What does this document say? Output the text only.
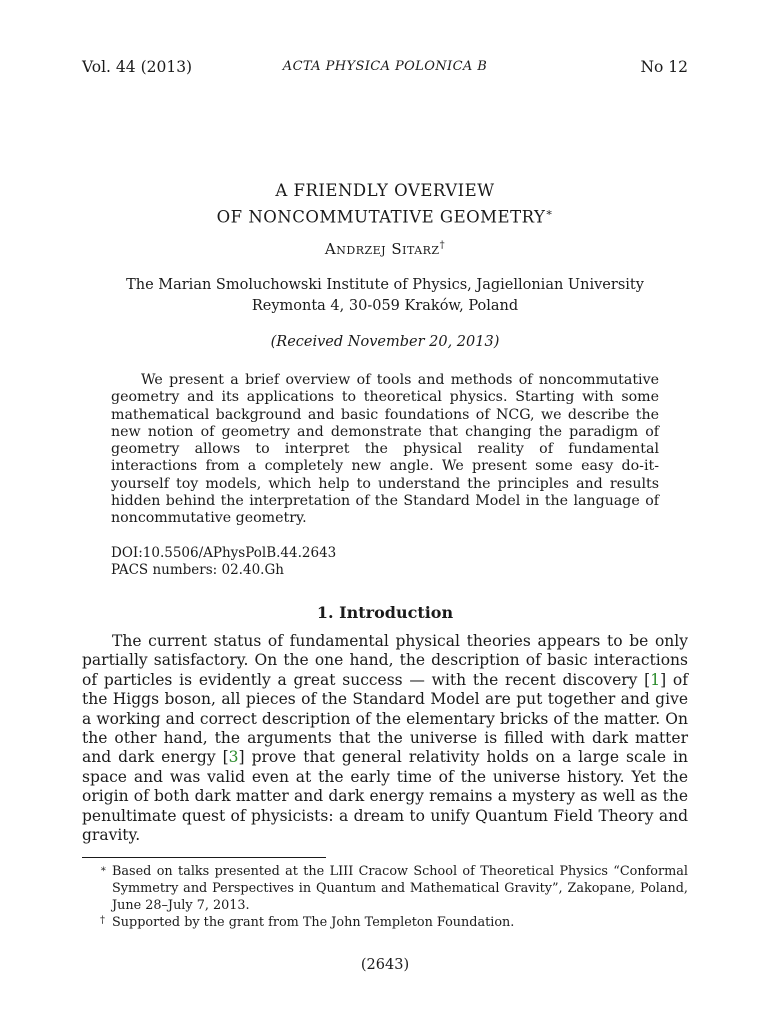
Vol. 44 (2013)	ACTA PHYSICA POLONICA B	No 12
A FRIENDLY OVERVIEW
OF NONCOMMUTATIVE GEOMETRY∗
Andrzej Sitarz†
The Marian Smoluchowski Institute of Physics, Jagiellonian University
Reymonta 4, 30-059 Kraków, Poland
(Received November 20, 2013)
We present a brief overview of tools and methods of noncommutative geometry and its applications to theoretical physics. Starting with some mathematical background and basic foundations of NCG, we describe the new notion of geometry and demonstrate that changing the paradigm of geometry allows to interpret the physical reality of fundamental interactions from a completely new angle. We present some easy do-it-yourself toy models, which help to understand the principles and results hidden behind the interpretation of the Standard Model in the language of noncommutative geometry.
DOI:10.5506/APhysPolB.44.2643
PACS numbers: 02.40.Gh
1. Introduction

The current status of fundamental physical theories appears to be only partially satisfactory. On the one hand, the description of basic interactions of particles is evidently a great success — with the recent discovery [1] of the Higgs boson, all pieces of the Standard Model are put together and give a working and correct description of the elementary bricks of the matter. On the other hand, the arguments that the universe is filled with dark matter and dark energy [3] prove that general relativity holds on a large scale in space and was valid even at the early time of the universe history. Yet the origin of both dark matter and dark energy remains a mystery as well as the penultimate quest of physicists: a dream to unify Quantum Field Theory and gravity.

∗ Based on talks presented at the LIII Cracow School of Theoretical Physics “Conformal Symmetry and Perspectives in Quantum and Mathematical Gravity”, Zakopane, Poland, June 28–July 7, 2013.
† Supported by the grant from The John Templeton Foundation.
(2643)
